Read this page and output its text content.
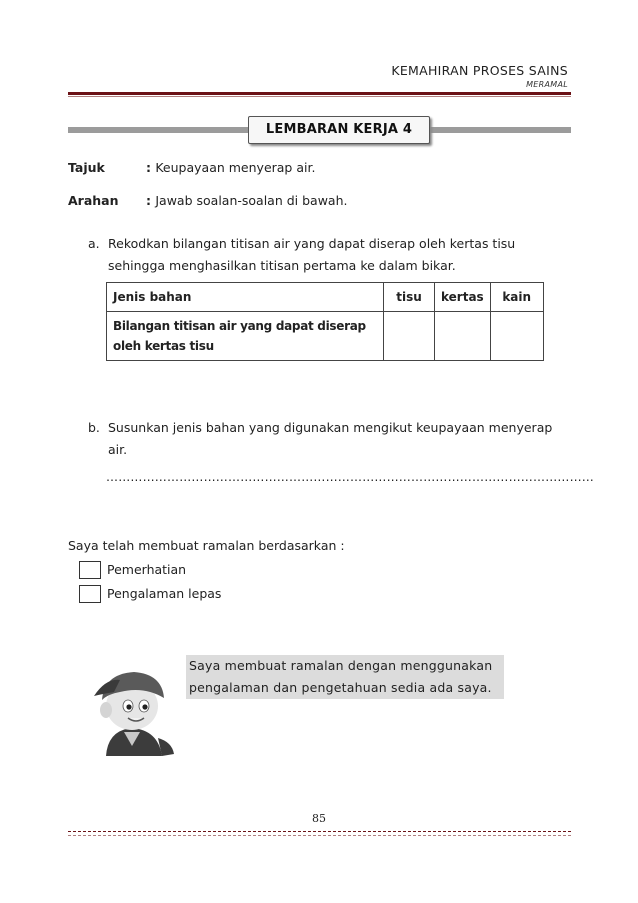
KEMAHIRAN PROSES SAINS
MERAMAL
LEMBARAN KERJA 4
Tajuk	: Keupayaan menyerap air.
Arahan : Jawab soalan-soalan di bawah.
a. Rekodkan bilangan titisan air yang dapat diserap oleh kertas tisu
sehingga menghasilkan titisan pertama ke dalam bikar.
Jenis bahan	tisu	kertas	kain
Bilangan titisan air yang dapat diserap
oleh kertas tisu			
b. Susunkan jenis bahan yang digunakan mengikut keupayaan menyerap
air.
…………………………………………………………………………………………………………
Saya telah membuat ramalan berdasarkan :
Pemerhatian
Pengalaman lepas
Saya membuat ramalan dengan menggunakan
pengalaman dan pengetahuan sedia ada saya.
85
